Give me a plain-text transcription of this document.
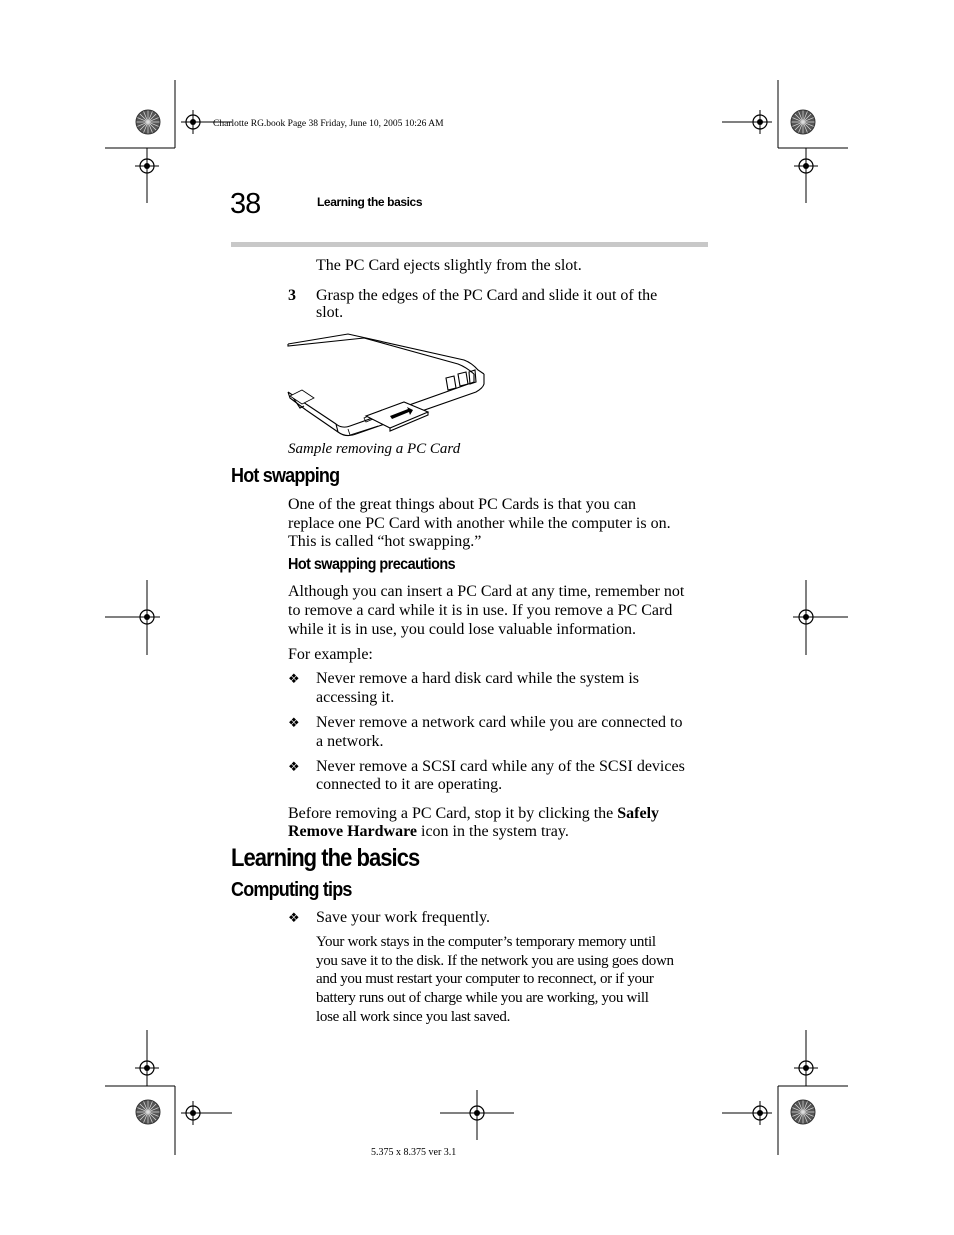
Charlotte RG.book Page 38 Friday, June 10, 2005 10:26 AM
38	Learning the basics
The PC Card ejects slightly from the slot.
3 Grasp the edges of the PC Card and slide it out of the
slot.
Sample removing a PC Card
Hot swapping
One of the great things about PC Cards is that you can
replace one PC Card with another while the computer is on.
This is called “hot swapping.”
Hot swapping precautions
Although you can insert a PC Card at any time, remember not
to remove a card while it is in use. If you remove a PC Card
while it is in use, you could lose valuable information.
For example:
❖ Never remove a hard disk card while the system is
accessing it.
❖ Never remove a network card while you are connected to
a network.
❖ Never remove a SCSI card while any of the SCSI devices
connected to it are operating.
Before removing a PC Card, stop it by clicking the Safely
Remove Hardware icon in the system tray.
Learning the basics
Computing tips
❖ Save your work frequently.
Your work stays in the computer’s temporary memory until
you save it to the disk. If the network you are using goes down
and you must restart your computer to reconnect, or if your
battery runs out of charge while you are working, you will
lose all work since you last saved.
5.375 x 8.375 ver 3.1
